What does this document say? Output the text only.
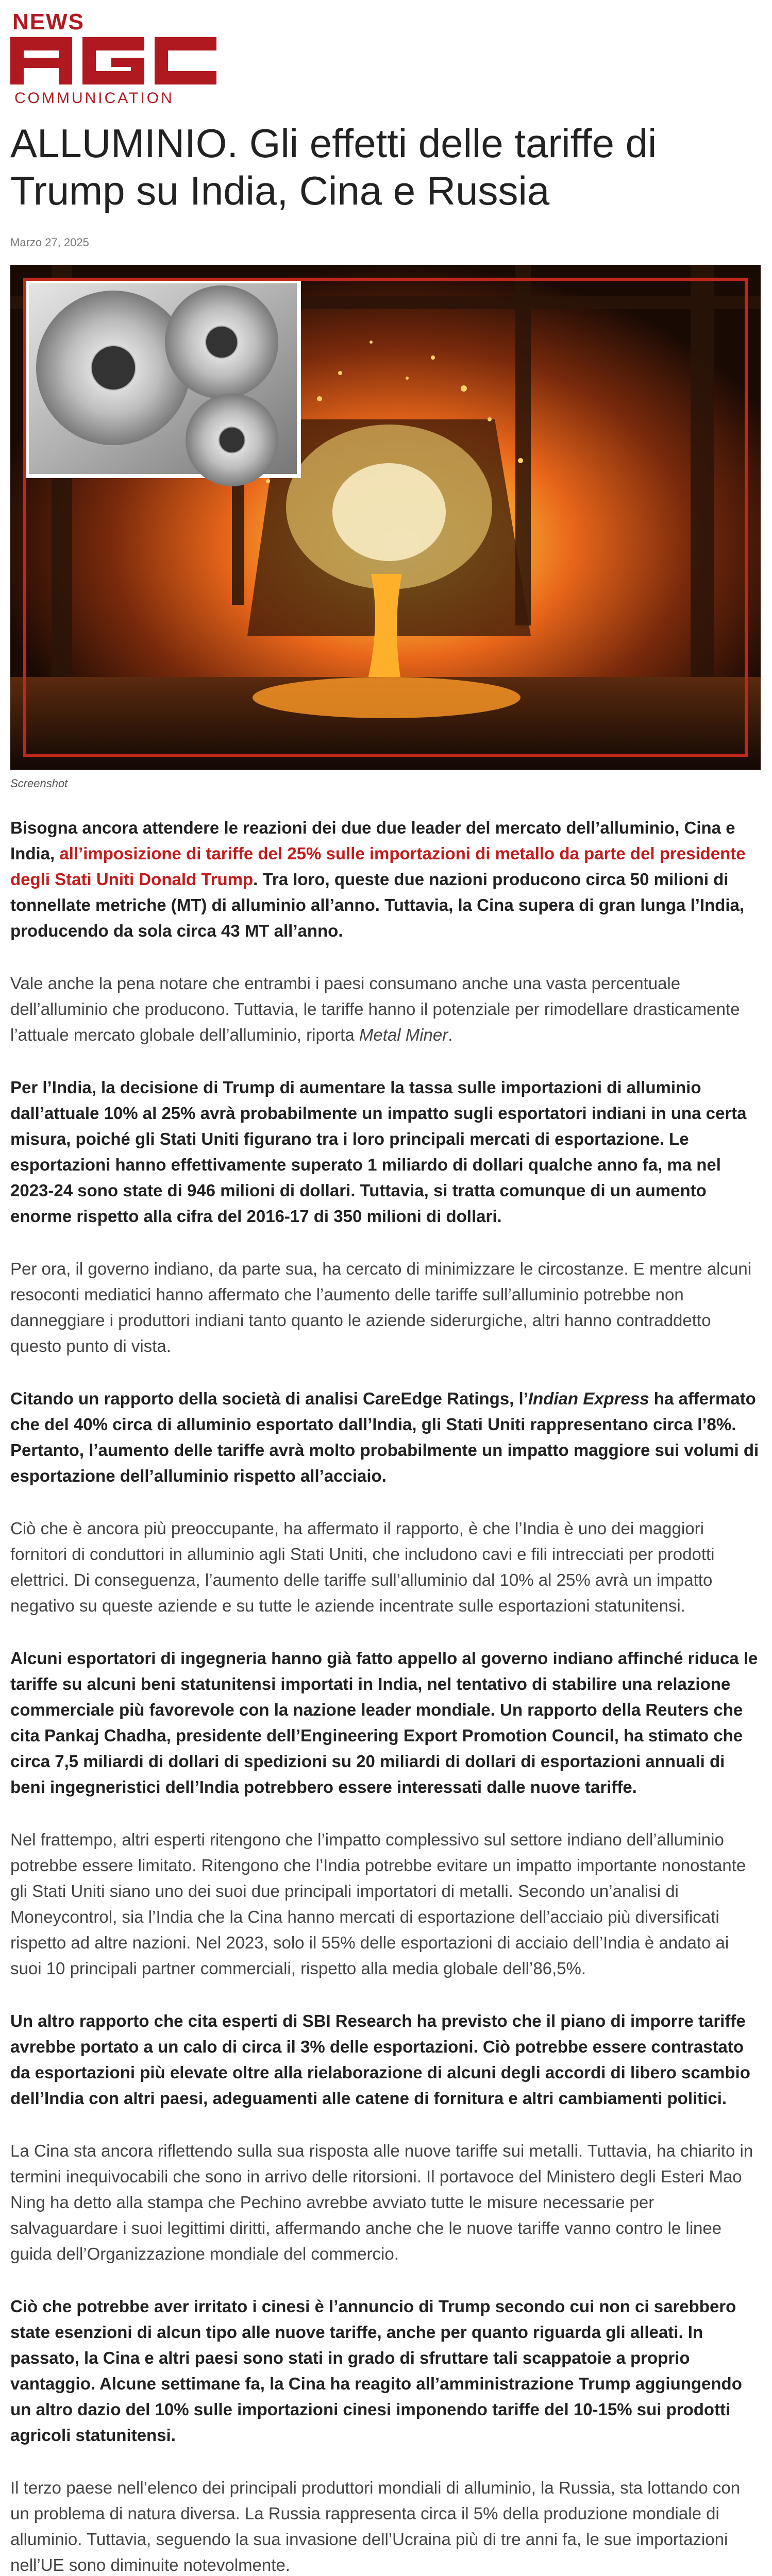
NEWS
COMMUNICATION
ALLUMINIO. Gli effetti delle tariffe di Trump su India, Cina e Russia
Marzo 27, 2025
Screenshot

Bisogna ancora attendere le reazioni dei due due leader del mercato dell’alluminio, Cina e India, all’imposizione di tariffe del 25% sulle importazioni di metallo da parte del presidente degli Stati Uniti Donald Trump. Tra loro, queste due nazioni producono circa 50 milioni di tonnellate metriche (MT) di alluminio all’anno. Tuttavia, la Cina supera di gran lunga l’India, producendo da sola circa 43 MT all’anno.

Vale anche la pena notare che entrambi i paesi consumano anche una vasta percentuale dell’alluminio che producono. Tuttavia, le tariffe hanno il potenziale per rimodellare drasticamente l’attuale mercato globale dell’alluminio, riporta Metal Miner.

Per l’India, la decisione di Trump di aumentare la tassa sulle importazioni di alluminio dall’attuale 10% al 25% avrà probabilmente un impatto sugli esportatori indiani in una certa misura, poiché gli Stati Uniti figurano tra i loro principali mercati di esportazione. Le esportazioni hanno effettivamente superato 1 miliardo di dollari qualche anno fa, ma nel 2023-24 sono state di 946 milioni di dollari. Tuttavia, si tratta comunque di un aumento enorme rispetto alla cifra del 2016-17 di 350 milioni di dollari.

Per ora, il governo indiano, da parte sua, ha cercato di minimizzare le circostanze. E mentre alcuni resoconti mediatici hanno affermato che l’aumento delle tariffe sull’alluminio potrebbe non danneggiare i produttori indiani tanto quanto le aziende siderurgiche, altri hanno contraddetto questo punto di vista.

Citando un rapporto della società di analisi CareEdge Ratings, l’Indian Express ha affermato che del 40% circa di alluminio esportato dall’India, gli Stati Uniti rappresentano circa l’8%. Pertanto, l’aumento delle tariffe avrà molto probabilmente un impatto maggiore sui volumi di esportazione dell’alluminio rispetto all’acciaio.

Ciò che è ancora più preoccupante, ha affermato il rapporto, è che l’India è uno dei maggiori fornitori di conduttori in alluminio agli Stati Uniti, che includono cavi e fili intrecciati per prodotti elettrici. Di conseguenza, l’aumento delle tariffe sull’alluminio dal 10% al 25% avrà un impatto negativo su queste aziende e su tutte le aziende incentrate sulle esportazioni statunitensi.

Alcuni esportatori di ingegneria hanno già fatto appello al governo indiano affinché riduca le tariffe su alcuni beni statunitensi importati in India, nel tentativo di stabilire una relazione commerciale più favorevole con la nazione leader mondiale. Un rapporto della Reuters che cita Pankaj Chadha, presidente dell’Engineering Export Promotion Council, ha stimato che circa 7,5 miliardi di dollari di spedizioni su 20 miliardi di dollari di esportazioni annuali di beni ingegneristici dell’India potrebbero essere interessati dalle nuove tariffe.

Nel frattempo, altri esperti ritengono che l’impatto complessivo sul settore indiano dell’alluminio potrebbe essere limitato. Ritengono che l’India potrebbe evitare un impatto importante nonostante gli Stati Uniti siano uno dei suoi due principali importatori di metalli. Secondo un’analisi di Moneycontrol, sia l’India che la Cina hanno mercati di esportazione dell’acciaio più diversificati rispetto ad altre nazioni. Nel 2023, solo il 55% delle esportazioni di acciaio dell’India è andato ai suoi 10 principali partner commerciali, rispetto alla media globale dell’86,5%.

Un altro rapporto che cita esperti di SBI Research ha previsto che il piano di imporre tariffe avrebbe portato a un calo di circa il 3% delle esportazioni. Ciò potrebbe essere contrastato da esportazioni più elevate oltre alla rielaborazione di alcuni degli accordi di libero scambio dell’India con altri paesi, adeguamenti alle catene di fornitura e altri cambiamenti politici.

La Cina sta ancora riflettendo sulla sua risposta alle nuove tariffe sui metalli. Tuttavia, ha chiarito in termini inequivocabili che sono in arrivo delle ritorsioni. Il portavoce del Ministero degli Esteri Mao Ning ha detto alla stampa che Pechino avrebbe avviato tutte le misure necessarie per salvaguardare i suoi legittimi diritti, affermando anche che le nuove tariffe vanno contro le linee guida dell’Organizzazione mondiale del commercio.

Ciò che potrebbe aver irritato i cinesi è l’annuncio di Trump secondo cui non ci sarebbero state esenzioni di alcun tipo alle nuove tariffe, anche per quanto riguarda gli alleati. In passato, la Cina e altri paesi sono stati in grado di sfruttare tali scappatoie a proprio vantaggio. Alcune settimane fa, la Cina ha reagito all’amministrazione Trump aggiungendo un altro dazio del 10% sulle importazioni cinesi imponendo tariffe del 10-15% sui prodotti agricoli statunitensi.

Il terzo paese nell’elenco dei principali produttori mondiali di alluminio, la Russia, sta lottando con un problema di natura diversa. La Russia rappresenta circa il 5% della produzione mondiale di alluminio. Tuttavia, seguendo la sua invasione dell’Ucraina più di tre anni fa, le sue importazioni nell’UE sono diminuite notevolmente.
